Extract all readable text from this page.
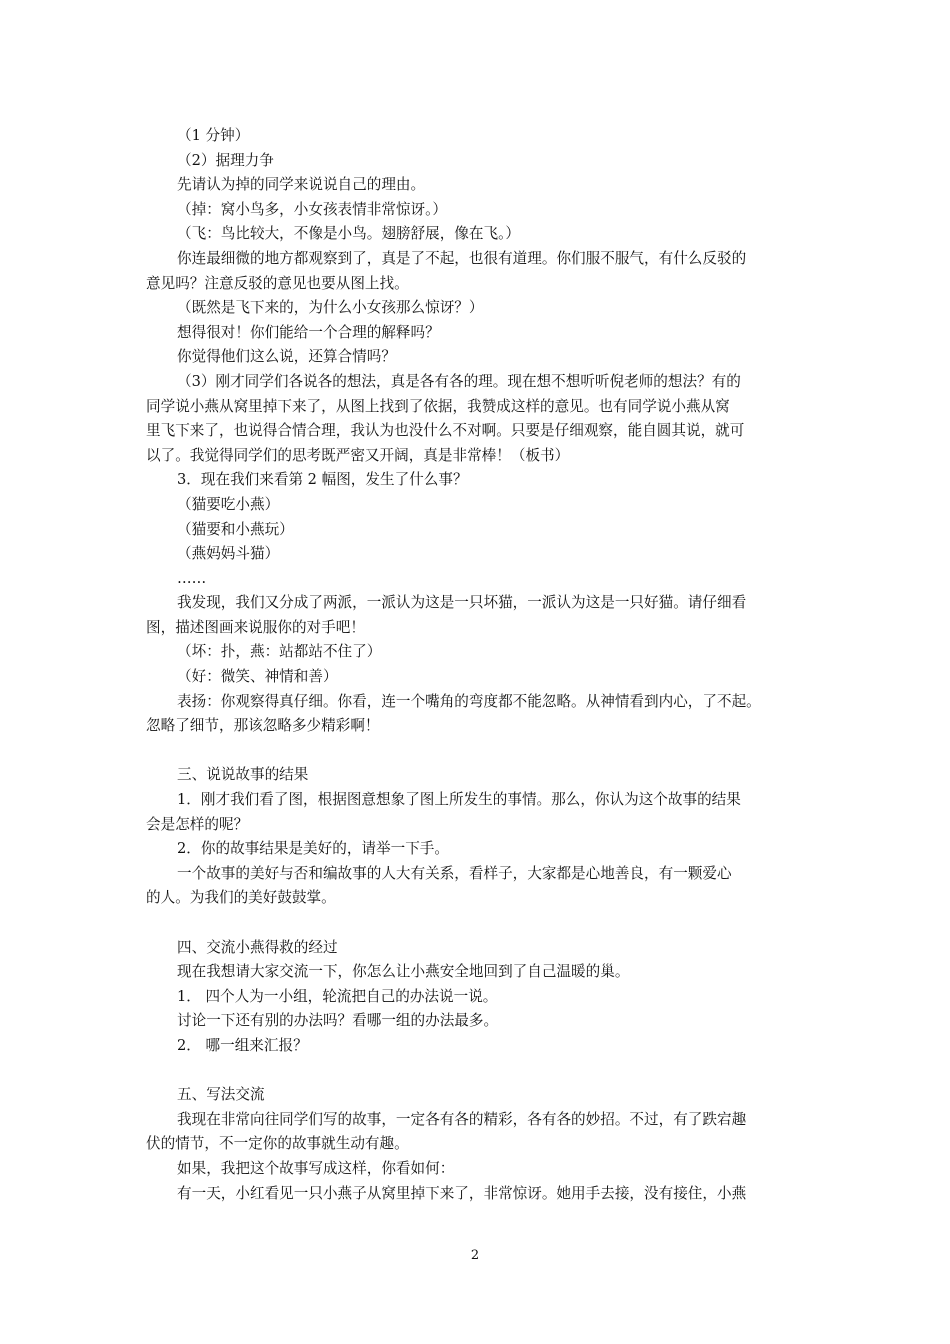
（1 分钟）
（2）据理力争
先请认为掉的同学来说说自己的理由。
（掉：窝小鸟多，小女孩表情非常惊讶。）
（飞：鸟比较大，不像是小鸟。翅膀舒展，像在飞。）
你连最细微的地方都观察到了，真是了不起，也很有道理。你们服不服气，有什么反驳的
意见吗？注意反驳的意见也要从图上找。
（既然是飞下来的，为什么小女孩那么惊讶？）
想得很对！你们能给一个合理的解释吗？
你觉得他们这么说，还算合情吗？
（3）刚才同学们各说各的想法，真是各有各的理。现在想不想听听倪老师的想法？有的
同学说小燕从窝里掉下来了，从图上找到了依据，我赞成这样的意见。也有同学说小燕从窝
里飞下来了，也说得合情合理，我认为也没什么不对啊。只要是仔细观察，能自圆其说，就可
以了。我觉得同学们的思考既严密又开阔，真是非常棒！（板书）
3．现在我们来看第 2 幅图，发生了什么事？
（猫要吃小燕）
（猫要和小燕玩）
（燕妈妈斗猫）
……
我发现，我们又分成了两派，一派认为这是一只坏猫，一派认为这是一只好猫。请仔细看
图，描述图画来说服你的对手吧！
（坏：扑，燕：站都站不住了）
（好：微笑、神情和善）
表扬：你观察得真仔细。你看，连一个嘴角的弯度都不能忽略。从神情看到内心，了不起。
忽略了细节，那该忽略多少精彩啊！
三、说说故事的结果
1．刚才我们看了图，根据图意想象了图上所发生的事情。那么，你认为这个故事的结果
会是怎样的呢？
2．你的故事结果是美好的，请举一下手。
一个故事的美好与否和编故事的人大有关系，看样子，大家都是心地善良，有一颗爱心
的人。为我们的美好鼓鼓掌。
四、交流小燕得救的经过
现在我想请大家交流一下，你怎么让小燕安全地回到了自己温暖的巢。
1． 四个人为一小组，轮流把自己的办法说一说。
讨论一下还有别的办法吗？看哪一组的办法最多。
2． 哪一组来汇报？
五、写法交流
我现在非常向往同学们写的故事，一定各有各的精彩，各有各的妙招。不过，有了跌宕趣
伏的情节，不一定你的故事就生动有趣。
如果，我把这个故事写成这样，你看如何：
有一天，小红看见一只小燕子从窝里掉下来了，非常惊讶。她用手去接，没有接住，小燕
2
